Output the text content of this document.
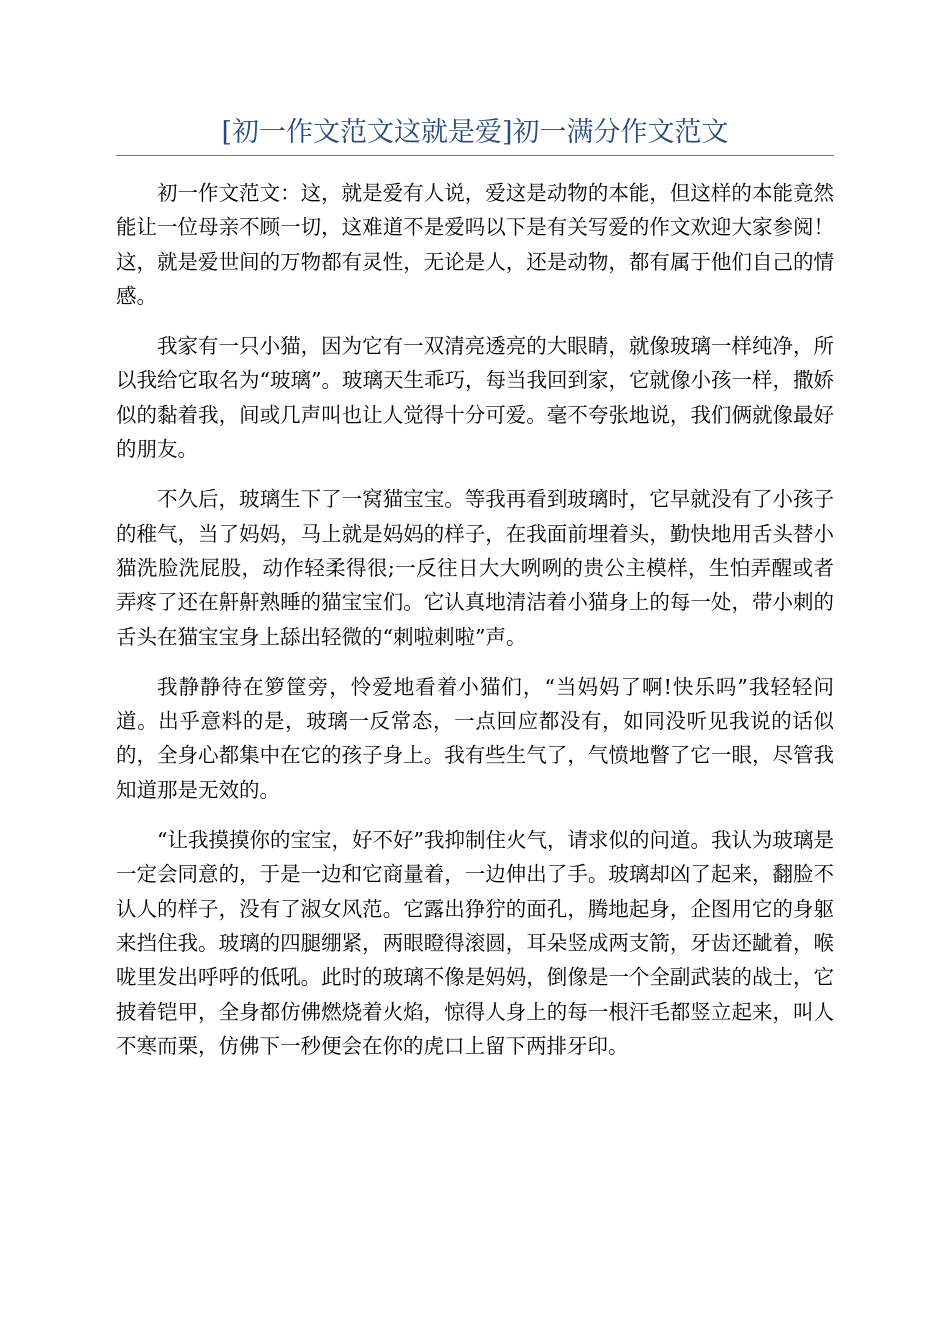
[初一作文范文这就是爱]初一满分作文范文

初一作文范文：这，就是爱有人说，爱这是动物的本能，但这样的本能竟然能让一位母亲不顾一切，这难道不是爱吗以下是有关写爱的作文欢迎大家参阅！这，就是爱世间的万物都有灵性，无论是人，还是动物，都有属于他们自己的情感。

我家有一只小猫，因为它有一双清亮透亮的大眼睛，就像玻璃一样纯净，所以我给它取名为“玻璃”。玻璃天生乖巧，每当我回到家，它就像小孩一样，撒娇似的黏着我，间或几声叫也让人觉得十分可爱。毫不夸张地说，我们俩就像最好的朋友。

不久后，玻璃生下了一窝猫宝宝。等我再看到玻璃时，它早就没有了小孩子的稚气，当了妈妈，马上就是妈妈的样子，在我面前埋着头，勤快地用舌头替小猫洗脸洗屁股，动作轻柔得很;一反往日大大咧咧的贵公主模样，生怕弄醒或者弄疼了还在鼾鼾熟睡的猫宝宝们。它认真地清洁着小猫身上的每一处，带小刺的舌头在猫宝宝身上舔出轻微的“刺啦刺啦”声。

我静静待在箩筐旁，怜爱地看着小猫们，“当妈妈了啊!快乐吗”我轻轻问道。出乎意料的是，玻璃一反常态，一点回应都没有，如同没听见我说的话似的，全身心都集中在它的孩子身上。我有些生气了，气愤地瞥了它一眼，尽管我知道那是无效的。

“让我摸摸你的宝宝，好不好”我抑制住火气，请求似的问道。我认为玻璃是一定会同意的，于是一边和它商量着，一边伸出了手。玻璃却凶了起来，翻脸不认人的样子，没有了淑女风范。它露出狰狞的面孔，腾地起身，企图用它的身躯来挡住我。玻璃的四腿绷紧，两眼瞪得滚圆，耳朵竖成两支箭，牙齿还龇着，喉咙里发出呼呼的低吼。此时的玻璃不像是妈妈，倒像是一个全副武装的战士，它披着铠甲，全身都仿佛燃烧着火焰，惊得人身上的每一根汗毛都竖立起来，叫人不寒而栗，仿佛下一秒便会在你的虎口上留下两排牙印。
